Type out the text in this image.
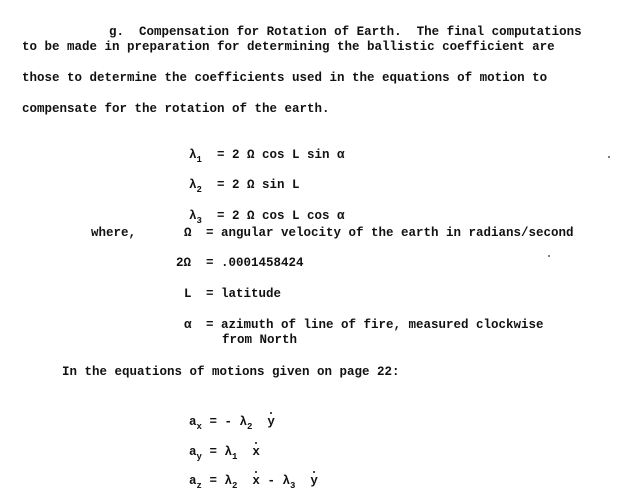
g. Compensation for Rotation of Earth. The final computations

to be made in preparation for determining the ballistic coefficient are
those to determine the coefficients used in the equations of motion to
compensate for the rotation of the earth.

$\lambda_1 = 2$ Ω cos L sin α

$\lambda_2 = 2$ Ω sin L

$\lambda_3 = 2$ Ω cos L cos α

where,	Ω = angular velocity of the earth in radians/second
2Ω = .0001458424
L = latitude
α = azimuth of line of fire, measured clockwise
from North
In the equations of motions given on page 22:

$a_x$ = - $\lambda_2$ y

$a_y = \lambda_1$ x

$a_z = \lambda_2$ x - $\lambda_3$ y
